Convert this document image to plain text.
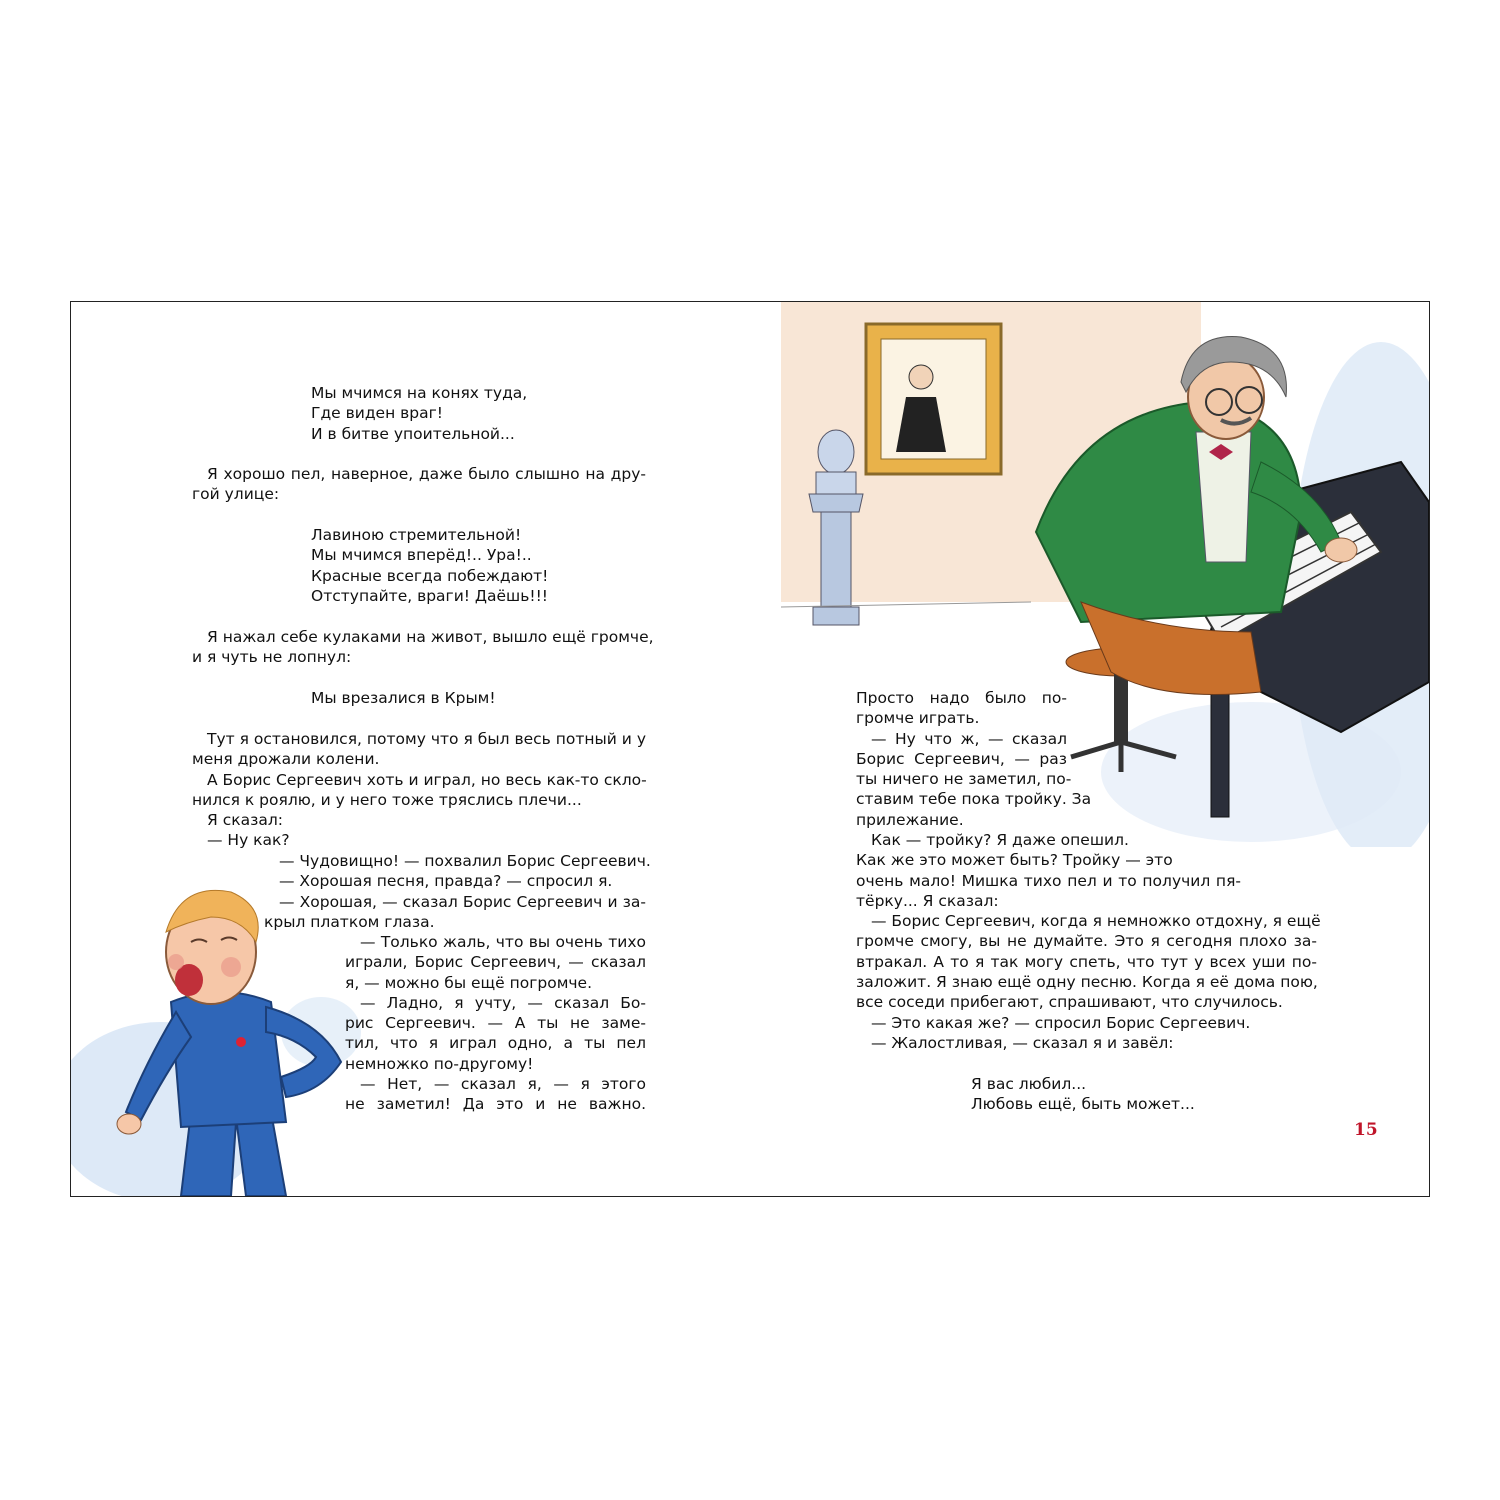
Мы мчимся на конях туда,
Где виден враг!
И в битве упоительной...
Я хорошо пел, наверное, даже было слышно на дру-
гой улице:
Лавиною стремительной!
Мы мчимся вперёд!.. Ура!..
Красные всегда побеждают!
Отступайте, враги! Даёшь!!!
Я нажал себе кулаками на живот, вышло ещё громче,
и я чуть не лопнул:
Мы врезалися в Крым!
Тут я остановился, потому что я был весь потный и у
меня дрожали колени.
А Борис Сергеевич хоть и играл, но весь как-то скло-
нился к роялю, и у него тоже тряслись плечи...
Я сказал:
— Ну как?
— Чудовищно! — похвалил Борис Сергеевич.
— Хорошая песня, правда? — спросил я.
— Хорошая, — сказал Борис Сергеевич и за-
крыл платком глаза.
— Только жаль, что вы очень тихо
играли, Борис Сергеевич, — сказал
я, — можно бы ещё погромче.
— Ладно, я учту, — сказал Бо-
рис Сергеевич. — А ты не заме-
тил, что я играл одно, а ты пел
немножко по-другому!
— Нет, — сказал я, — я этого
не заметил! Да это и не важно.
Просто надо было по-
громче играть.
— Ну что ж, — сказал
Борис Сергеевич, — раз
ты ничего не заметил, по-
ставим тебе пока тройку. За
прилежание.
Как — тройку? Я даже опешил.
Как же это может быть? Тройку — это
очень мало! Мишка тихо пел и то получил пя-
тёрку... Я сказал:
— Борис Сергеевич, когда я немножко отдохну, я ещё
громче смогу, вы не думайте. Это я сегодня плохо за-
втракал. А то я так могу спеть, что тут у всех уши по-
заложит. Я знаю ещё одну песню. Когда я её дома пою,
все соседи прибегают, спрашивают, что случилось.
— Это какая же? — спросил Борис Сергеевич.
— Жалостливая, — сказал я и завёл:
Я вас любил...
Любовь ещё, быть может...
15
